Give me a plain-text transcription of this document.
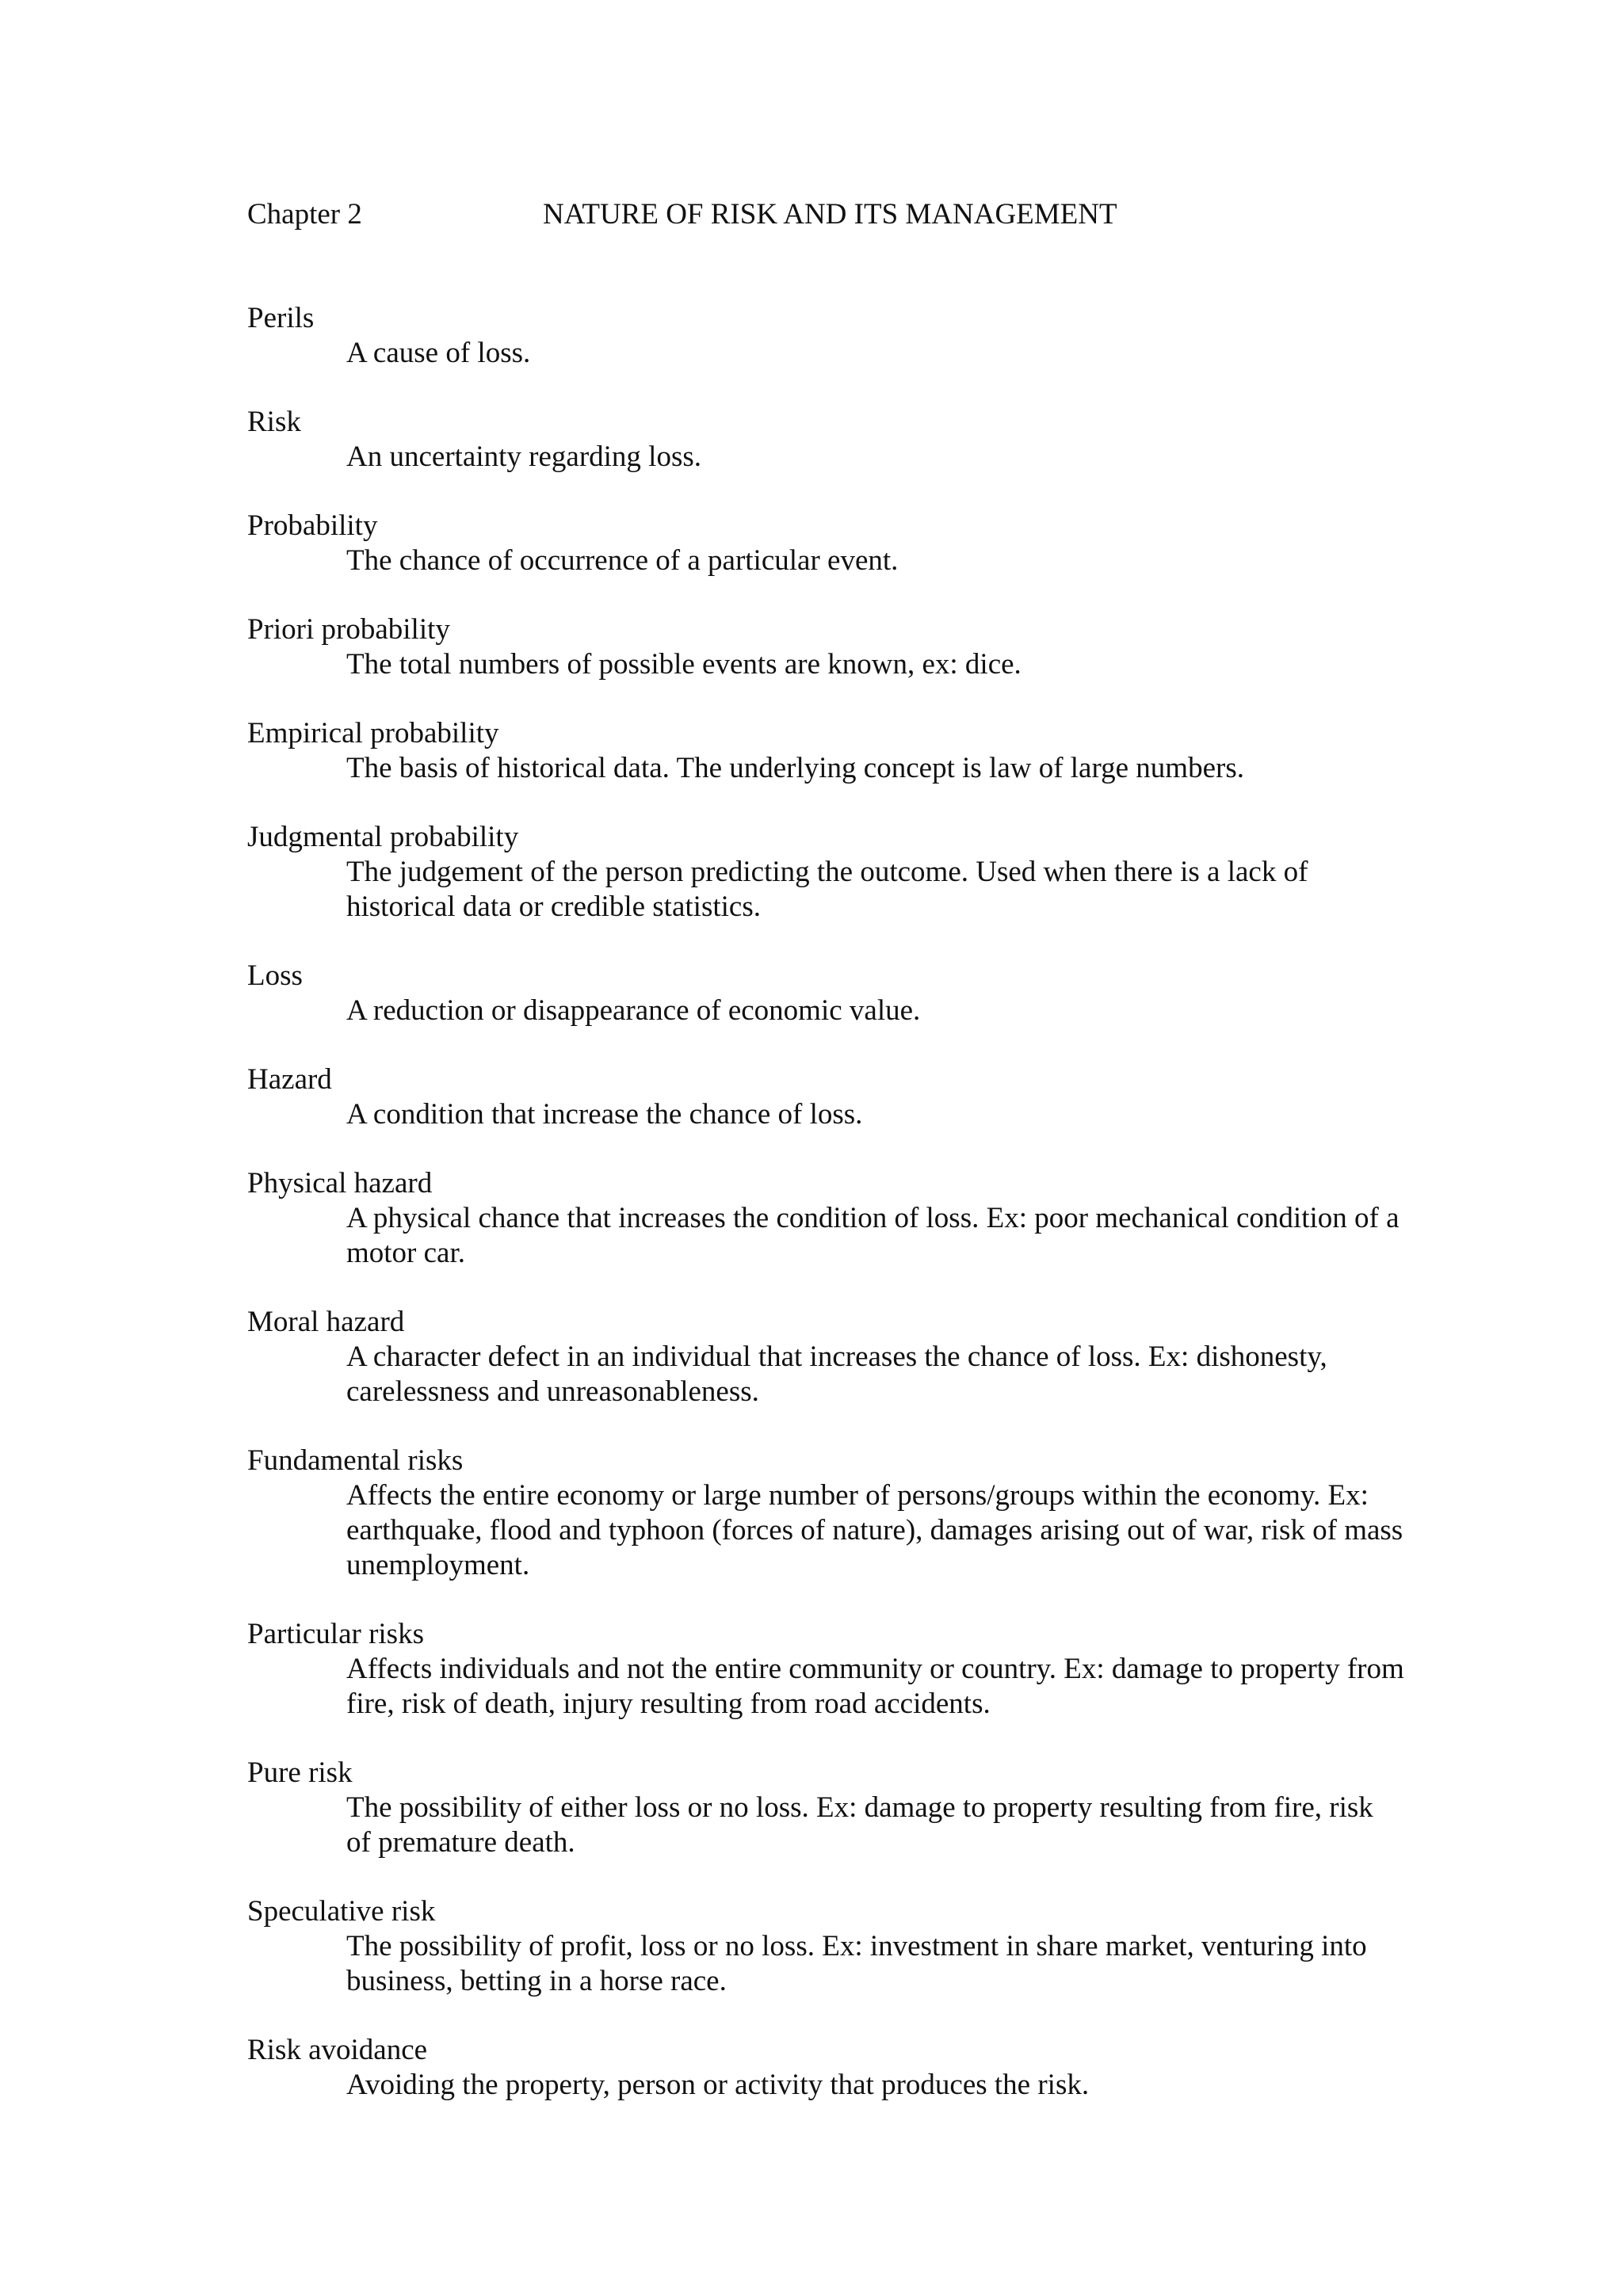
Chapter 2	NATURE OF RISK AND ITS MANAGEMENT

Perils

A cause of loss.

Risk

An uncertainty regarding loss.

Probability

The chance of occurrence of a particular event.

Priori probability

The total numbers of possible events are known, ex: dice.

Empirical probability

The basis of historical data. The underlying concept is law of large numbers.

Judgmental probability

The judgement of the person predicting the outcome. Used when there is a lack of historical data or credible statistics.

Loss

A reduction or disappearance of economic value.

Hazard

A condition that increase the chance of loss.

Physical hazard

A physical chance that increases the condition of loss. Ex: poor mechanical condition of a motor car.

Moral hazard

A character defect in an individual that increases the chance of loss. Ex: dishonesty, carelessness and unreasonableness.

Fundamental risks

Affects the entire economy or large number of persons/groups within the economy. Ex: earthquake, flood and typhoon (forces of nature), damages arising out of war, risk of mass unemployment.

Particular risks

Affects individuals and not the entire community or country. Ex: damage to property from fire, risk of death, injury resulting from road accidents.

Pure risk

The possibility of either loss or no loss. Ex: damage to property resulting from fire, risk of premature death.

Speculative risk

The possibility of profit, loss or no loss. Ex: investment in share market, venturing into business, betting in a horse race.

Risk avoidance

Avoiding the property, person or activity that produces the risk.
